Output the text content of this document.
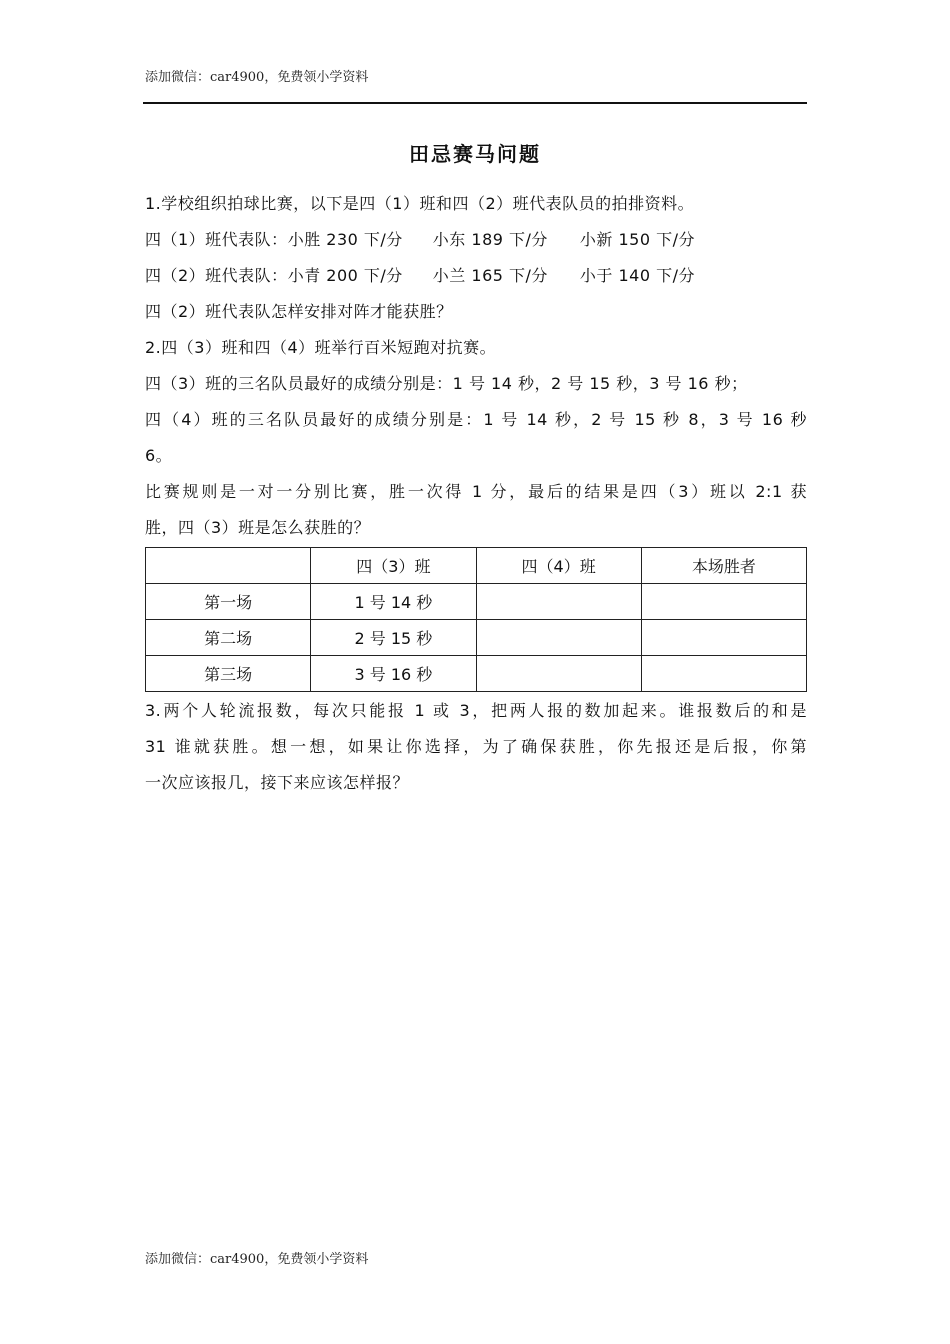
添加微信：car4900，免费领小学资料
田忌赛马问题
1.学校组织拍球比赛，以下是四（1）班和四（2）班代表队员的拍排资料。
四（1）班代表队：小胜 230 下/分 小东 189 下/分 小新 150 下/分
四（2）班代表队：小青 200 下/分 小兰 165 下/分 小于 140 下/分
四（2）班代表队怎样安排对阵才能获胜？
2.四（3）班和四（4）班举行百米短跑对抗赛。
四（3）班的三名队员最好的成绩分别是：1 号 14 秒，2 号 15 秒，3 号 16 秒；
四（4）班的三名队员最好的成绩分别是：1 号 14 秒，2 号 15 秒 8，3 号 16 秒
6。
比赛规则是一对一分别比赛，胜一次得 1 分，最后的结果是四（3）班以 2:1 获
胜，四（3）班是怎么获胜的？
	四（3）班	四（4）班	本场胜者
第一场	1 号 14 秒		
第二场	2 号 15 秒		
第三场	3 号 16 秒		
3.两个人轮流报数，每次只能报 1 或 3，把两人报的数加起来。谁报数后的和是
31 谁就获胜。想一想，如果让你选择，为了确保获胜，你先报还是后报，你第
一次应该报几，接下来应该怎样报？
添加微信：car4900，免费领小学资料
